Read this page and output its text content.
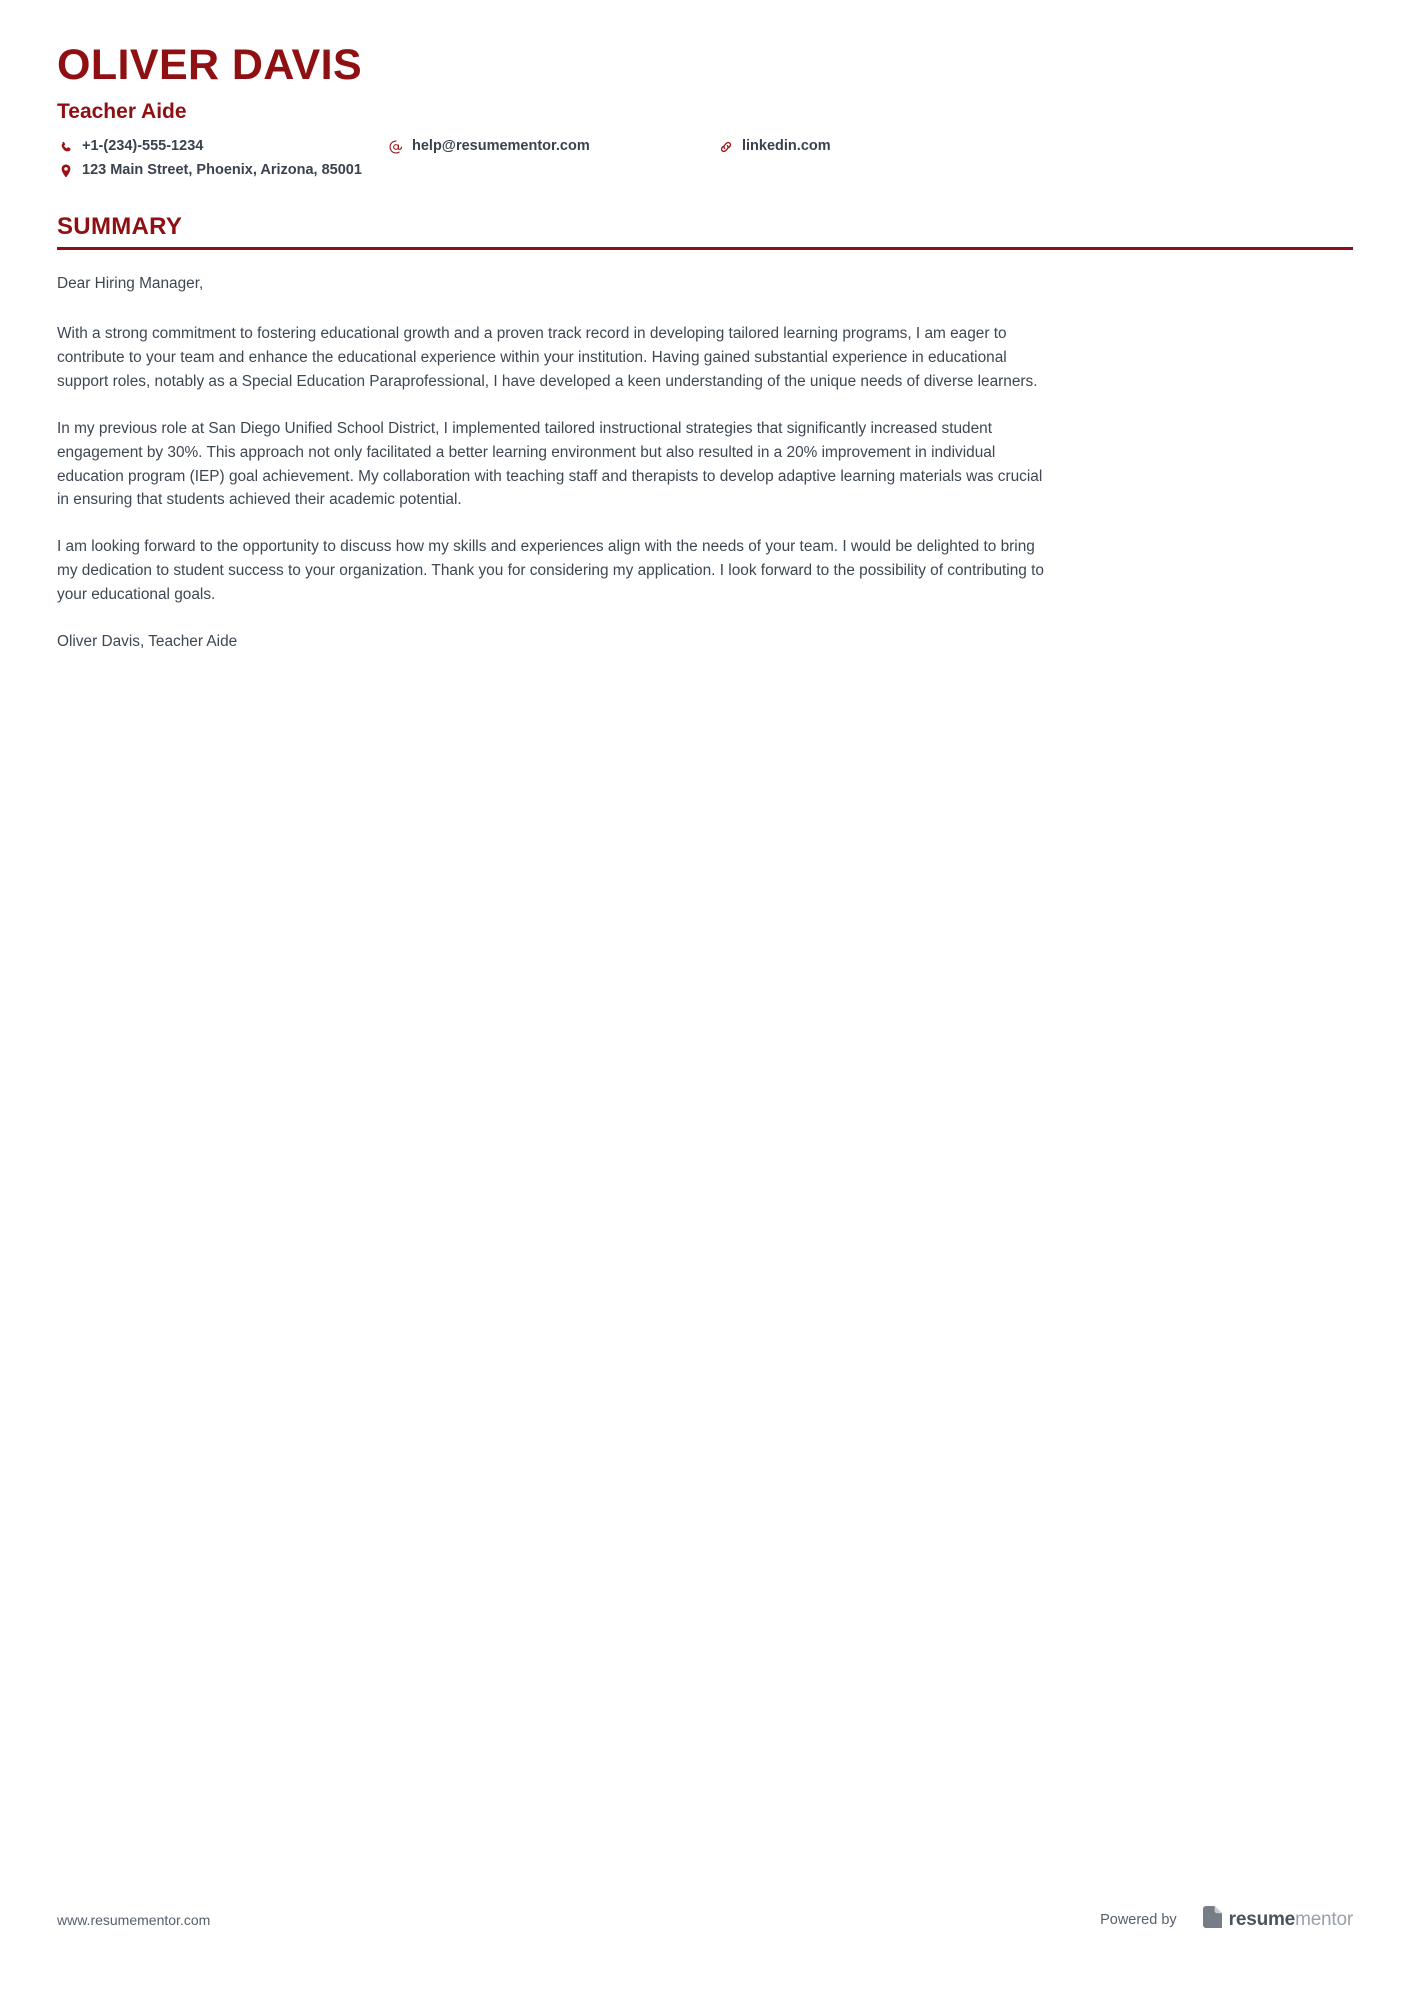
OLIVER DAVIS
Teacher Aide
+1-(234)-555-1234	help@resumementor.com	linkedin.com
123 Main Street, Phoenix, Arizona, 85001
SUMMARY

Dear Hiring Manager,

With a strong commitment to fostering educational growth and a proven track record in developing tailored learning programs, I am eager to contribute to your team and enhance the educational experience within your institution. Having gained substantial experience in educational support roles, notably as a Special Education Paraprofessional, I have developed a keen understanding of the unique needs of diverse learners.

In my previous role at San Diego Unified School District, I implemented tailored instructional strategies that significantly increased student engagement by 30%. This approach not only facilitated a better learning environment but also resulted in a 20% improvement in individual education program (IEP) goal achievement. My collaboration with teaching staff and therapists to develop adaptive learning materials was crucial in ensuring that students achieved their academic potential.

I am looking forward to the opportunity to discuss how my skills and experiences align with the needs of your team. I would be delighted to bring my dedication to student success to your organization. Thank you for considering my application. I look forward to the possibility of contributing to your educational goals.

Oliver Davis, Teacher Aide

www.resumementor.com	Powered by	resumementor
